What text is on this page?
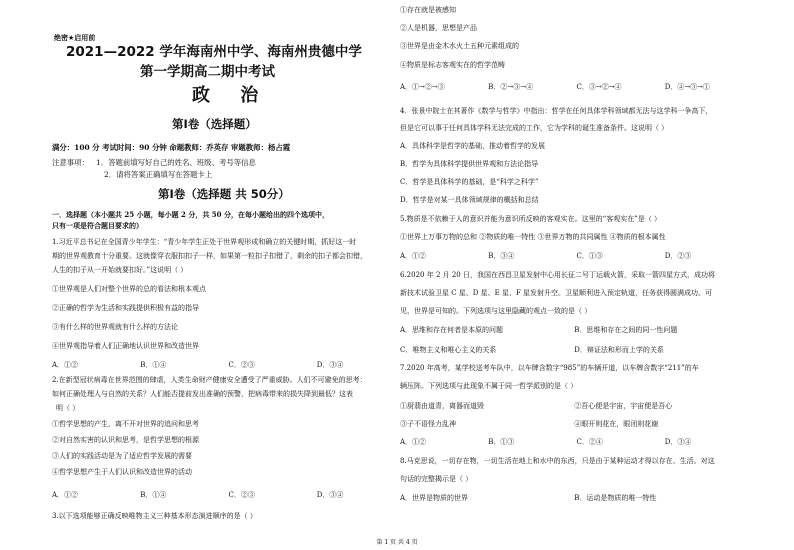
绝密★启用前
2021—2022 学年海南州中学、海南州贵德中学
第一学期高二期中考试
政 治
第Ⅰ卷（选择题）
满分：100 分 考试时间：90 分钟 命题教师：乔英存 审题教师：杨占霞
注意事项： 1．答题前填写好自己的姓名、班级、考号等信息
2．请将答案正确填写在答题卡上
第Ⅰ卷（选择题 共 50分）
一．选择题（本小题共 25 小题，每小题 2 分，共 50 分，在每小题给出的四个选项中，
只有一项是符合题目要求的）
1.习近平总书记在全国青少年学生：“青少年学生正处于世界观形成和确立的关键时期，抓好这一时
期的世界观教育十分重要。这就像穿衣服扣扣子一样，如果第一粒扣子扣错了，剩余的扣子都会扣错，
人生的扣子从一开始就要扣好。”这说明（ ）
①世界观是人们对整个世界的总的看法和根本观点
②正确的哲学为生活和实践提供积极有益的指导
③有什么样的世界观就有什么样的方法论
④世界观指导着人们正确地认识世界和改造世界
A．①②	B．①④	C．②③	D．③④
2.在新型冠状病毒在世界范围的肆虐，人类生命财产健康安全遭受了严重威胁。人们不可避免的思考：
如何正确处理人与自然的关系？人们能否提前发出准确的预警，把病毒带来的损失降到最低？这表
明（ ）
①哲学思想的产生，离不开对世界的追问和思考
②对自然实害的认识和思考，是哲学思想的根源
③人们的实践活动是为了适应哲学发展的需要
④哲学思想产生于人们认识和改造世界的活动
A．①②	B．①④	C．②③	D．③④
3.以下选项能够正确反映唯物主义三种基本形态演进顺序的是（ ）
①存在就是被感知
②人是机器，思想是产品
③世界是由金木水火土五种元素组成的
④物质是标志客观实在的哲学范畴
A．①→②→③	B．②→③→④	C．③→②→④	D．④→③→①
4．张景中院士在其著作《数学与哲学》中指出：哲学在任何具体学科领域都无法与这学科一争高下，
但是它可以事于任何具体学科无法完成的工作，它为学科的诞生准备条件。这说明（ ）
A．具体科学是哲学的基础，推动着哲学的发展
B．哲学为具体科学提供世界观和方法论指导
C．哲学是具体科学的基础，是“科学之科学”
D．哲学是对某一具体领域规律的概括和总结
5.物质是不依赖于人的意识并能为意识所反映的客观实在。这里的“客观实在”是（ ）
①世界上万事万物的总和 ②物质的唯一特性 ③世界万物的共同属性 ④物质的根本属性
A．①②	B．③④	C．①③	D．②③
6.2020 年 2 月 20 日，我国在西昌卫星发射中心用长征二号丁运载火箭，采取一箭四星方式，成功将
新技术试验卫星 C 星、D 星、E 星、F 星发射升空。卫星顺利进入预定轨道，任务获得圆满成功。可
见，世界是可知的。下列选项与这里隐藏的观点一致的是（ ）
A．思维和存在何者是本原的问题	B．思维和存在之间的同一性问题
C．唯物主义和唯心主义的关系	D．辩证法和形而上学的关系
7.2020 年高考，某学校送考车队中，以车牌含数字“985”的车辆开道，以车牌含数字“211”的车
辆压阵。下列选项与此现象不属于同一哲学派别的是（ ）
①厨翡由道青，离器而道毁	②吾心便是宇宙，宇宙便是吾心
③子不语怪力乱神	④眼开则花在，眼闭则花谢
A．①②	B．①③	C．②④	D．③④
8.马克思说，一切存在物，一切生活在地上和水中的东西，只是由于某种运动才得以存在、生活。对这
句话的完整揭示是（ ）
A．世界是物质的世界	B．运动是物质的唯一特性
第 1 页 共 4 页
